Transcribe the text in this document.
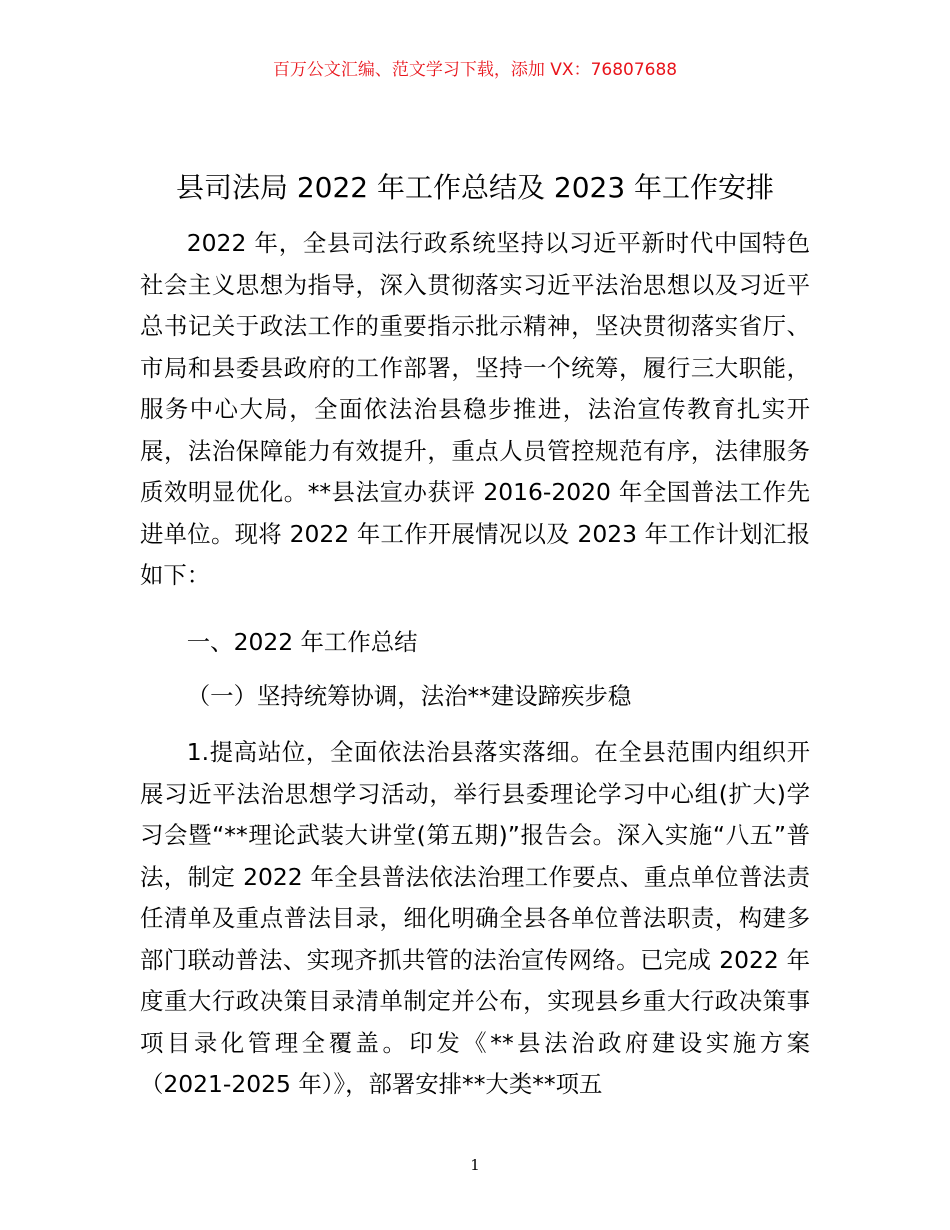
百万公文汇编、范文学习下载，添加 VX：76807688
县司法局 2022 年工作总结及 2023 年工作安排

2022 年，全县司法行政系统坚持以习近平新时代中国特色社会主义思想为指导，深入贯彻落实习近平法治思想以及习近平总书记关于政法工作的重要指示批示精神，坚决贯彻落实省厅、市局和县委县政府的工作部署，坚持一个统筹，履行三大职能，服务中心大局，全面依法治县稳步推进，法治宣传教育扎实开展，法治保障能力有效提升，重点人员管控规范有序，法律服务质效明显优化。**县法宣办获评 2016-2020 年全国普法工作先进单位。现将 2022 年工作开展情况以及 2023 年工作计划汇报如下：

一、2022 年工作总结

（一）坚持统筹协调，法治**建设蹄疾步稳

1.提高站位，全面依法治县落实落细。在全县范围内组织开展习近平法治思想学习活动，举行县委理论学习中心组(扩大)学习会暨“**理论武装大讲堂(第五期)”报告会。深入实施“八五”普法，制定 2022 年全县普法依法治理工作要点、重点单位普法责任清单及重点普法目录，细化明确全县各单位普法职责，构建多部门联动普法、实现齐抓共管的法治宣传网络。已完成 2022 年度重大行政决策目录清单制定并公布，实现县乡重大行政决策事项目录化管理全覆盖。印发《**县法治政府建设实施方案（2021-2025 年）》，部署安排**大类**项五

1
